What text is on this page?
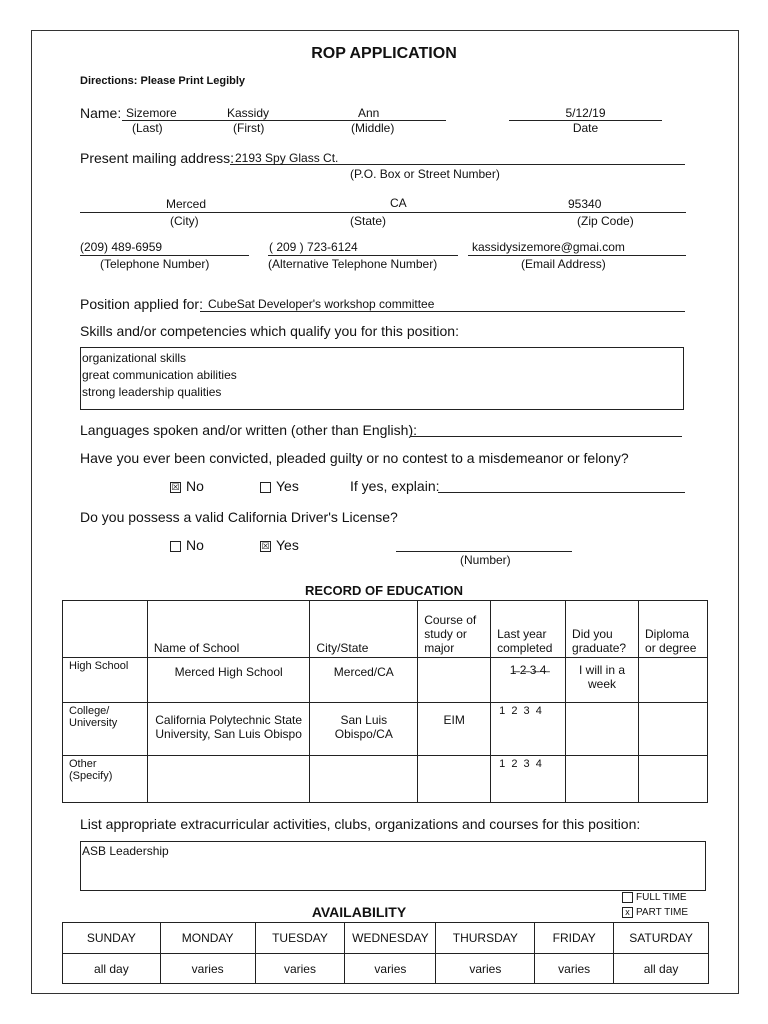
ROP APPLICATION
Directions: Please Print Legibly
Name: Sizemore	Kassidy	Ann
(Last)	(First)	(Middle)
5/12/19
Date
Present mailing address: 2193 Spy Glass Ct.
(P.O. Box or Street Number)
Merced	CA	95340
(City)	(State)	(Zip Code)
(209) 489-6959
(Telephone Number)
( 209 ) 723-6124
(Alternative Telephone Number)
kassidysizemore@gmai.com
(Email Address)
Position applied for: CubeSat Developer's workshop committee
Skills and/or competencies which qualify you for this position:
organizational skills
great communication abilities
strong leadership qualities
Languages spoken and/or written (other than English):
Have you ever been convicted, pleaded guilty or no contest to a misdemeanor or felony?
☒ No	Yes	If yes, explain:
Do you possess a valid California Driver's License?
No	☒ Yes
(Number)
RECORD OF EDUCATION
	Name of School	City/State	Course of study or major	Last year completed	Did you graduate?	Diploma or degree
High School	Merced High School	Merced/CA		1̶ 2̶ 3̶ 4̶	I will in a week	
College/ University	California Polytechnic State University, San Luis Obispo	San Luis Obispo/CA	EIM	1  2  3  4		
Other (Specify)				1  2  3  4		
List appropriate extracurricular activities, clubs, organizations and courses for this position:
ASB Leadership
AVAILABILITY
FULL TIME
x PART TIME
SUNDAY	MONDAY	TUESDAY	WEDNESDAY	THURSDAY	FRIDAY	SATURDAY
all day	varies	varies	varies	varies	varies	all day
